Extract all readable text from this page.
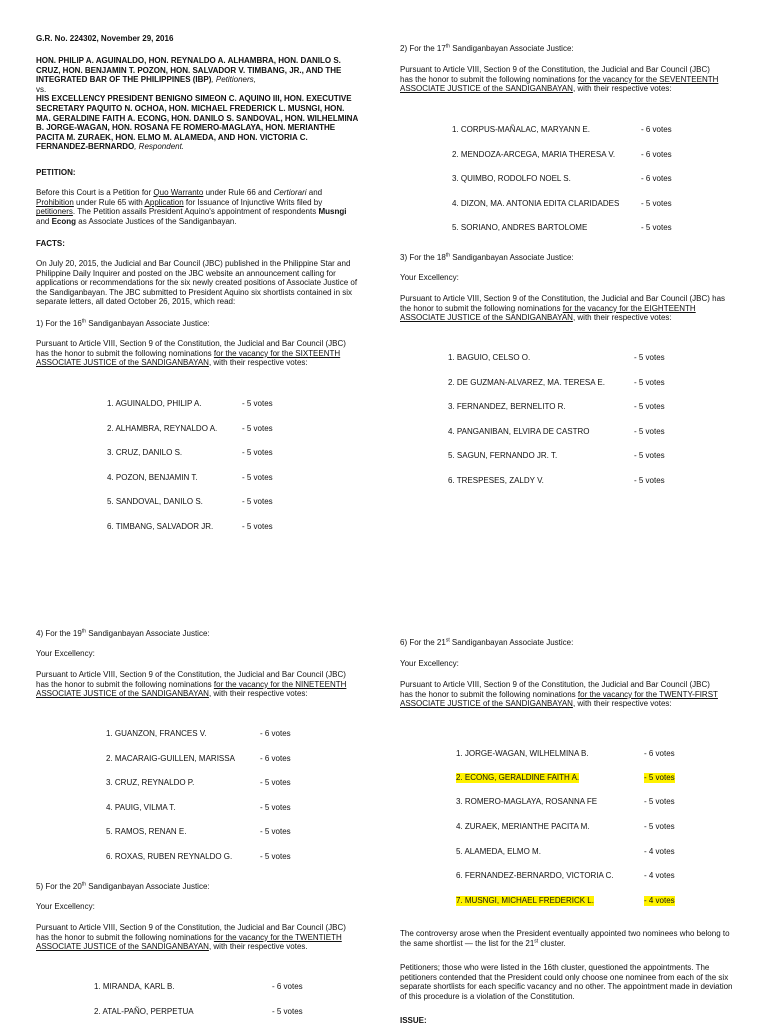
G.R. No. 224302, November 29, 2016

HON. PHILIP A. AGUINALDO, HON. REYNALDO A. ALHAMBRA, HON. DANILO S. CRUZ, HON. BENJAMIN T. POZON, HON. SALVADOR V. TIMBANG, JR., AND THE INTEGRATED BAR OF THE PHILIPPINES (IBP), Petitioners,
vs.
HIS EXCELLENCY PRESIDENT BENIGNO SIMEON C. AQUINO III, HON. EXECUTIVE SECRETARY PAQUITO N. OCHOA, HON. MICHAEL FREDERICK L. MUSNGI, HON. MA. GERALDINE FAITH A. ECONG, HON. DANILO S. SANDOVAL, HON. WILHELMINA B. JORGE-WAGAN, HON. ROSANA FE ROMERO-MAGLAYA, HON. MERIANTHE PACITA M. ZURAEK, HON. ELMO M. ALAMEDA, AND HON. VICTORIA C. FERNANDEZ-BERNARDO, Respondent.

PETITION:

Before this Court is a Petition for Quo Warranto under Rule 66 and Certiorari and Prohibition under Rule 65 with Application for Issuance of Injunctive Writs filed by petitioners. The Petition assails President Aquino's appointment of respondents Musngi and Econg as Associate Justices of the Sandiganbayan.

FACTS:

On July 20, 2015, the Judicial and Bar Council (JBC) published in the Philippine Star and Philippine Daily Inquirer and posted on the JBC website an announcement calling for applications or recommendations for the six newly created positions of Associate Justice of the Sandiganbayan. The JBC submitted to President Aquino six shortlists contained in six separate letters, all dated October 26, 2015, which read:

1) For the 16th Sandiganbayan Associate Justice:

Pursuant to Article VIII, Section 9 of the Constitution, the Judicial and Bar Council (JBC) has the honor to submit the following nominations for the vacancy for the SIXTEENTH ASSOCIATE JUSTICE of the SANDIGANBAYAN, with their respective votes:

1. AGUINALDO, PHILIP A.	- 5 votes
2. ALHAMBRA, REYNALDO A.	- 5 votes
3. CRUZ, DANILO S.	- 5 votes
4. POZON, BENJAMIN T.	- 5 votes
5. SANDOVAL, DANILO S.	- 5 votes
6. TIMBANG, SALVADOR JR.	- 5 votes

4) For the 19th Sandiganbayan Associate Justice:

Your Excellency:

Pursuant to Article VIII, Section 9 of the Constitution, the Judicial and Bar Council (JBC) has the honor to submit the following nominations for the vacancy for the NINETEENTH ASSOCIATE JUSTICE of the SANDIGANBAYAN, with their respective votes:

1. GUANZON, FRANCES V.	- 6 votes
2. MACARAIG-GUILLEN, MARISSA	- 6 votes
3. CRUZ, REYNALDO P.	- 5 votes
4. PAUIG, VILMA T.	- 5 votes
5. RAMOS, RENAN E.	- 5 votes
6. ROXAS, RUBEN REYNALDO G.	- 5 votes

5) For the 20th Sandiganbayan Associate Justice:

Your Excellency:

Pursuant to Article VIII, Section 9 of the Constitution, the Judicial and Bar Council (JBC) has the honor to submit the following nominations for the vacancy for the TWENTIETH ASSOCIATE JUSTICE of the SANDIGANBAYAN, with their respective votes.

1. MIRANDA, KARL B.	- 6 votes
2. ATAL-PAÑO, PERPETUA	- 5 votes

2) For the 17th Sandiganbayan Associate Justice:

Pursuant to Article VIII, Section 9 of the Constitution, the Judicial and Bar Council (JBC) has the honor to submit the following nominations for the vacancy for the SEVENTEENTH ASSOCIATE JUSTICE of the SANDIGANBAYAN, with their respective votes:

1. CORPUS-MAÑALAC, MARYANN E.	- 6 votes
2. MENDOZA-ARCEGA, MARIA THERESA V.	- 6 votes
3. QUIMBO, RODOLFO NOEL S.	- 6 votes
4. DIZON, MA. ANTONIA EDITA CLARIDADES	- 5 votes
5. SORIANO, ANDRES BARTOLOME	- 5 votes

3) For the 18th Sandiganbayan Associate Justice:

Your Excellency:

Pursuant to Article VIII, Section 9 of the Constitution, the Judicial and Bar Council (JBC) has the honor to submit the following nominations for the vacancy for the EIGHTEENTH ASSOCIATE JUSTICE of the SANDIGANBAYAN, with their respective votes:

1. BAGUIO, CELSO O.	- 5 votes
2. DE GUZMAN-ALVAREZ, MA. TERESA E.	- 5 votes
3. FERNANDEZ, BERNELITO R.	- 5 votes
4. PANGANIBAN, ELVIRA DE CASTRO	- 5 votes
5. SAGUN, FERNANDO JR. T.	- 5 votes
6. TRESPESES, ZALDY V.	- 5 votes

6) For the 21st Sandiganbayan Associate Justice:

Your Excellency:

Pursuant to Article VIII, Section 9 of the Constitution, the Judicial and Bar Council (JBC) has the honor to submit the following nominations for the vacancy for the TWENTY-FIRST ASSOCIATE JUSTICE of the SANDIGANBAYAN, with their respective votes:

1. JORGE-WAGAN, WILHELMINA B.	- 6 votes
2. ECONG, GERALDINE FAITH A.	- 5 votes
3. ROMERO-MAGLAYA, ROSANNA FE	- 5 votes
4. ZURAEK, MERIANTHE PACITA M.	- 5 votes
5. ALAMEDA, ELMO M.	- 4 votes
6. FERNANDEZ-BERNARDO, VICTORIA C.	- 4 votes
7. MUSNGI, MICHAEL FREDERICK L.	- 4 votes

The controversy arose when the President eventually appointed two nominees who belong to the same shortlist — the list for the 21st cluster.

Petitioners; those who were listed in the 16th cluster, questioned the appointments. The petitioners contended that the President could only choose one nominee from each of the six separate shortlists for each specific vacancy and no other. The appointment made in deviation of this procedure is a violation of the Constitution.

ISSUE:
